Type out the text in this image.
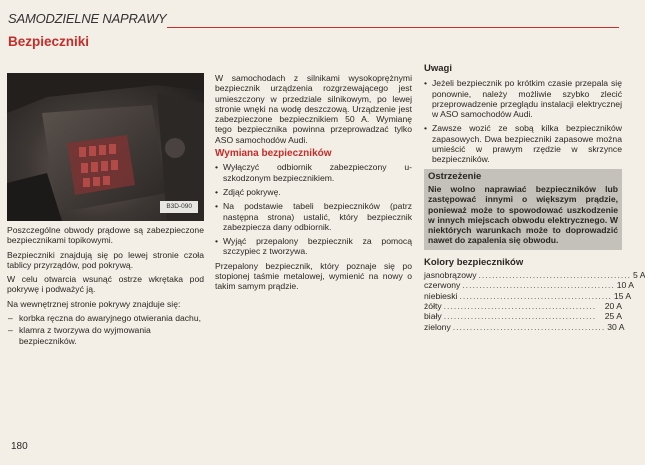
SAMODZIELNE NAPRAWY
Bezpieczniki
B3D-090

Poszczególne obwody prądowe są zabezpieczone bezpiecznikami topikowymi.

Bezpieczniki znajdują się po lewej stronie czoła tablicy przyrządów, pod pokrywą.

W celu otwarcia wsunąć ostrze wkrętaka pod pokrywę i podważyć ją.

Na wewnętrznej stronie pokrywy znajduje się:

– korbka ręczna do awaryjnego otwierania dachu,
– klamra z tworzywa do wyjmowania bezpieczników.

W samochodach z silnikami wysokoprężnymi bezpiecznik urządzenia rozgrzewającego jest umieszczony w przedziale silnikowym, po lewej stronie wnęki na wodę deszczową. Urządzenie jest zabezpieczone bezpiecznikiem 50 A. Wymianę tego bezpiecznika powinna przeprowadzać tylko ASO samochodów Audi.

Wymiana bezpieczników

• Wyłączyć odbiornik zabezpieczony u-szkodzonym bezpiecznikiem.

• Zdjąć pokrywę.

• Na podstawie tabeli bezpieczników (patrz następna strona) ustalić, który bezpiecznik zabezpiecza dany odbiornik.

• Wyjąć przepalony bezpiecznik za pomocą szczypiec z tworzywa.

Przepalony bezpiecznik, który poznaje się po stopionej taśmie metalowej, wymienić na nowy o takim samym prądzie.

Uwagi

• Jeżeli bezpiecznik po krótkim czasie przepala się ponownie, należy możliwie szybko zlecić przeprowadzenie przeglądu instalacji elektrycznej w ASO samochodów Audi.

• Zawsze wozić ze sobą kilka bezpieczników zapasowych. Dwa bezpieczniki zapasowe można umieścić w prawym rzędzie w skrzynce bezpieczników.

Ostrzeżenie
Nie wolno naprawiać bezpieczników lub zastępować innymi o większym prądzie, ponieważ może to spowodować uszkodzenie w innych miejscach obwodu elektrycznego. W niektórych warunkach może to doprowadzić nawet do zapalenia się obwodu.
Kolory bezpieczników
jasnobrązowy ............................................. 5 A
czerwony ............................................. 10 A
niebieski ............................................. 15 A
żółty .............................................	20 A
biały .............................................	25 A
zielony ............................................. 30 A
180
